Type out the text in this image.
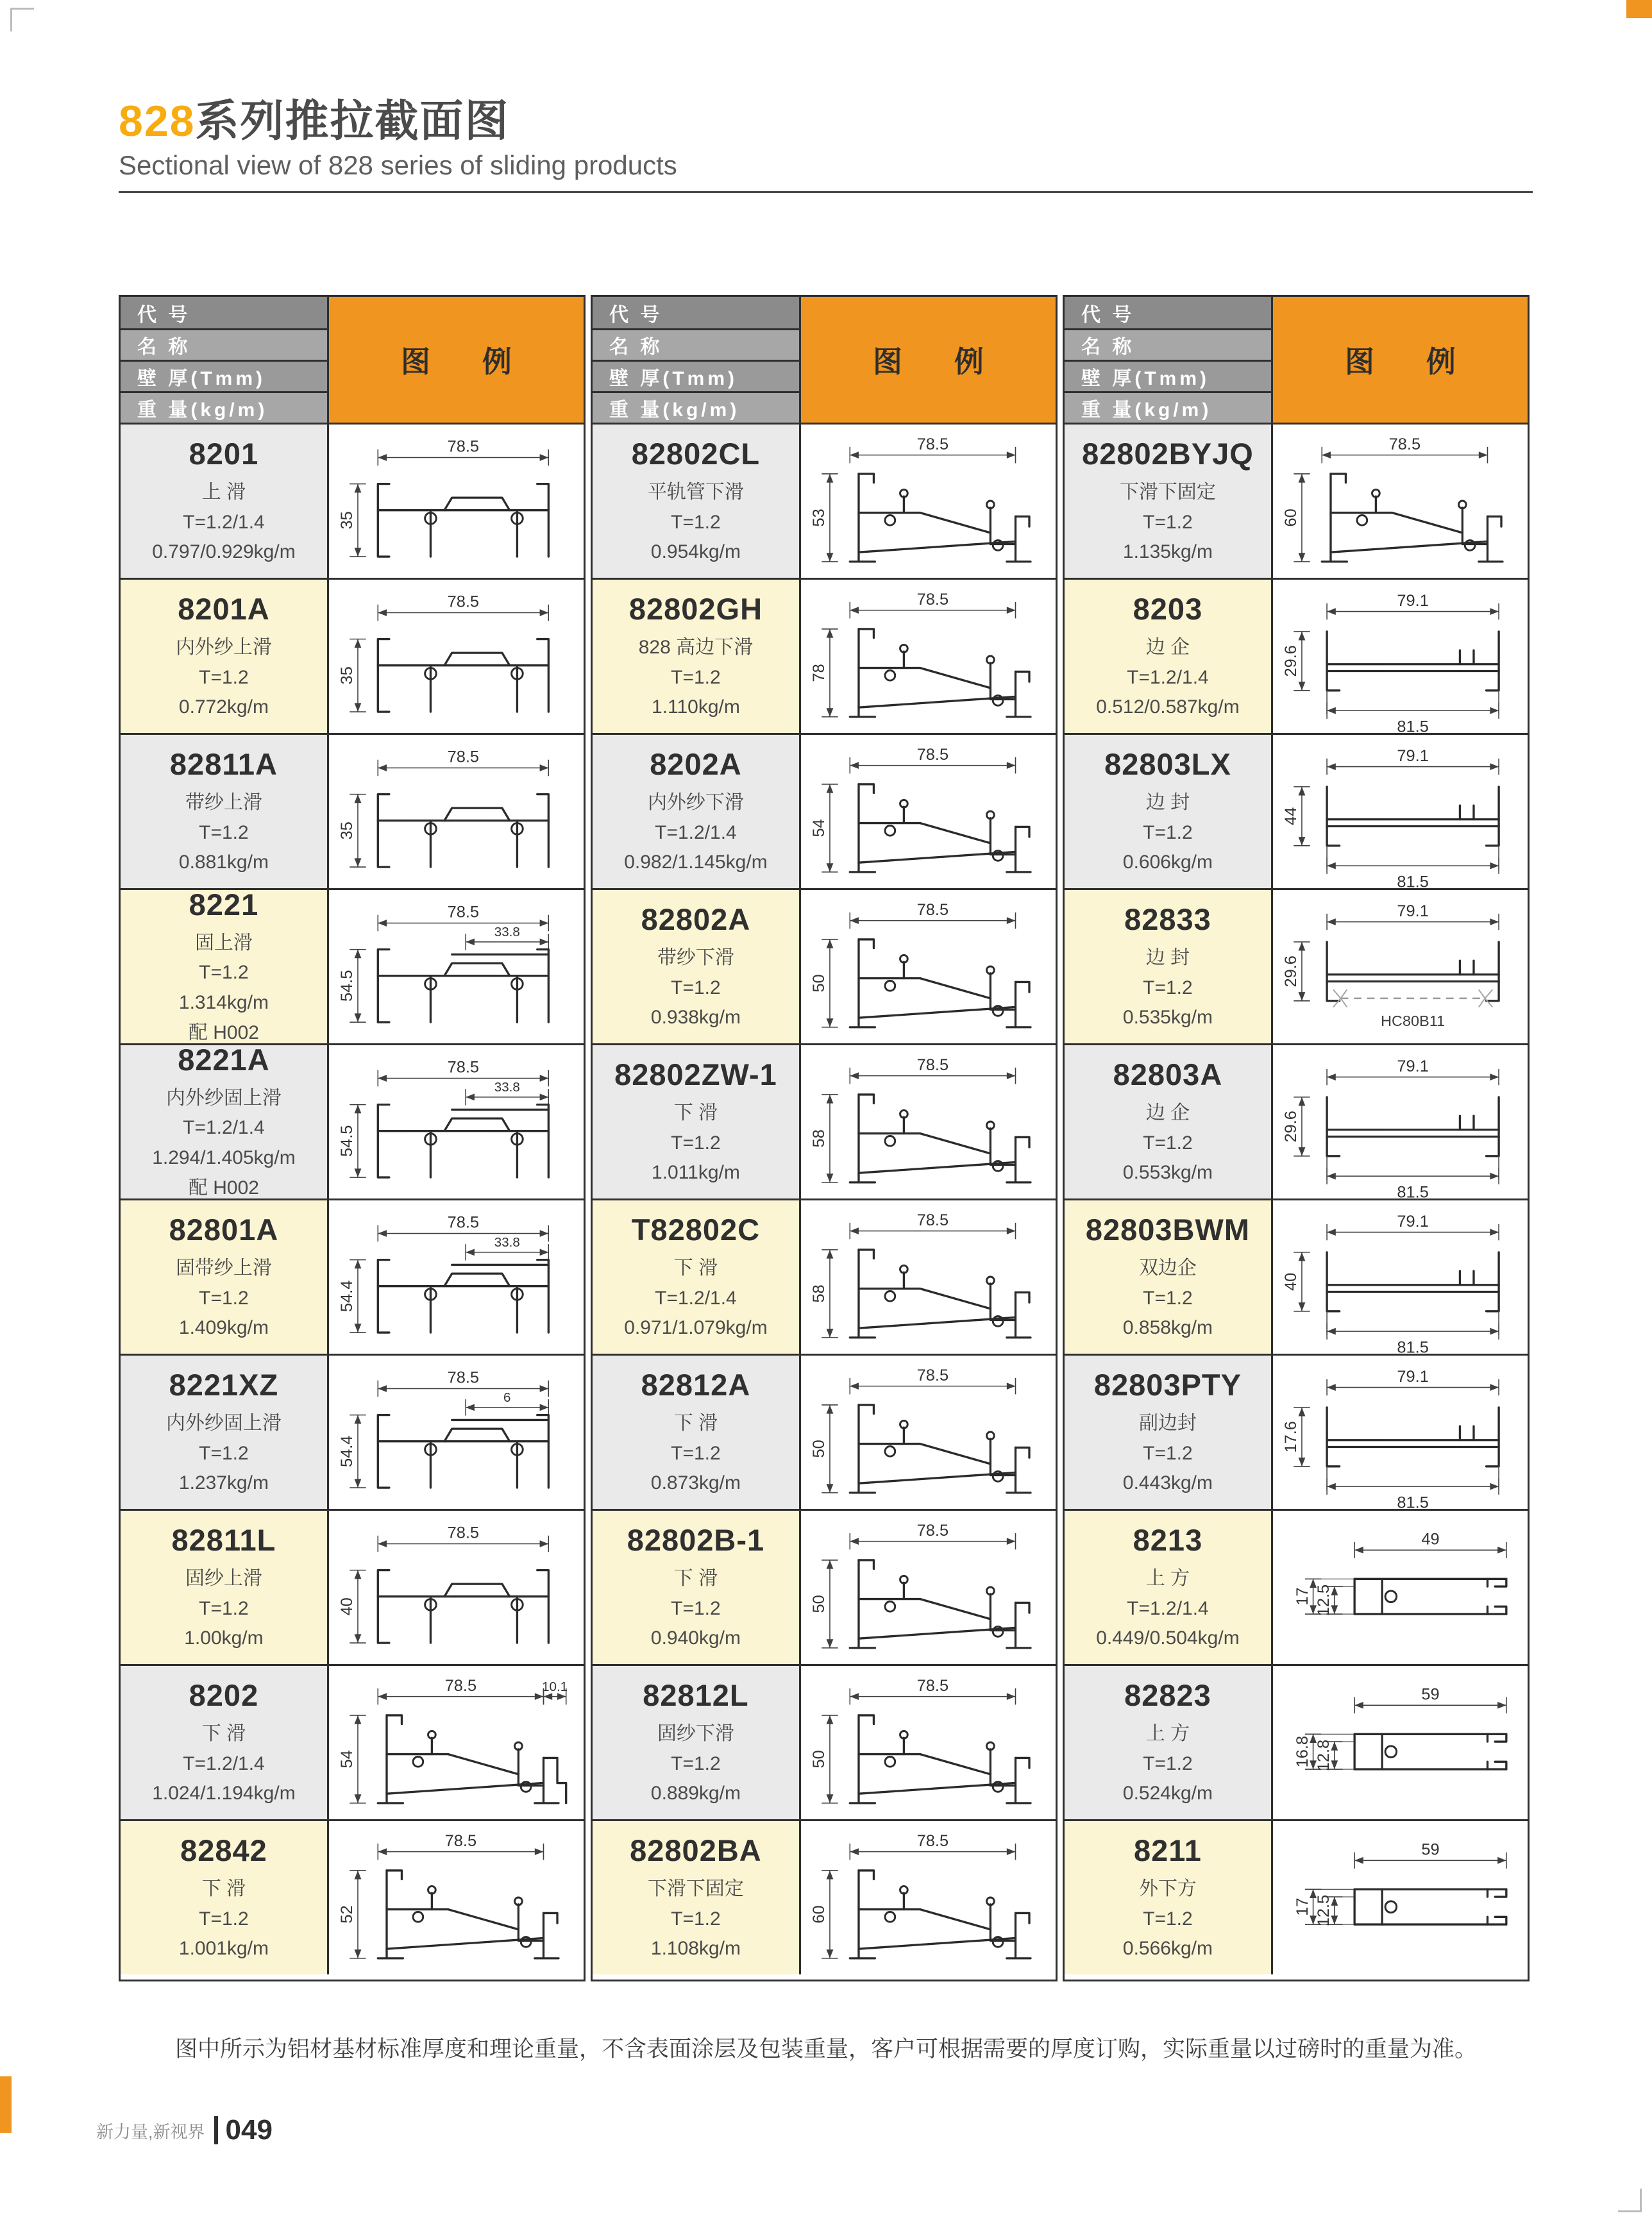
828系列推拉截面图
Sectional view of 828 series of sliding products
代 号
名 称
壁 厚(Tmm)
重 量(kg/m)
图 例
8201
上 滑
T=1.2/1.4
0.797/0.929kg/m
78.5
35
8201A
内外纱上滑
T=1.2
0.772kg/m
78.5
35
82811A
带纱上滑
T=1.2
0.881kg/m
78.5
35
8221
固上滑
T=1.2
1.314kg/m
配 H002
78.5
33.8
54.5
8221A
内外纱固上滑
T=1.2/1.4
1.294/1.405kg/m
配 H002
78.5
33.8
54.5
82801A
固带纱上滑
T=1.2
1.409kg/m
78.5
33.8
54.4
8221XZ
内外纱固上滑
T=1.2
1.237kg/m
78.5
6
54.4
82811L
固纱上滑
T=1.2
1.00kg/m
78.5
40
8202
下 滑
T=1.2/1.4
1.024/1.194kg/m
78.5	10.1
54
82842
下 滑
T=1.2
1.001kg/m
78.5
52
代 号
名 称
壁 厚(Tmm)
重 量(kg/m)
图 例
82802CL
平轨管下滑
T=1.2
0.954kg/m
78.5
53
82802GH
828 高边下滑
T=1.2
1.110kg/m
78.5
78
8202A
内外纱下滑
T=1.2/1.4
0.982/1.145kg/m
78.5
54
82802A
带纱下滑
T=1.2
0.938kg/m
78.5
50
82802ZW-1
下 滑
T=1.2
1.011kg/m
78.5
58
T82802C
下 滑
T=1.2/1.4
0.971/1.079kg/m
78.5
58
82812A
下 滑
T=1.2
0.873kg/m
78.5
50
82802B-1
下 滑
T=1.2
0.940kg/m
78.5
50
82812L
固纱下滑
T=1.2
0.889kg/m
78.5
50
82802BA
下滑下固定
T=1.2
1.108kg/m
78.5
60
代 号
名 称
壁 厚(Tmm)
重 量(kg/m)
图 例
82802BYJQ
下滑下固定
T=1.2
1.135kg/m
78.5
60
8203
边 企
T=1.2/1.4
0.512/0.587kg/m
79.1
29.6
81.5
82803LX
边 封
T=1.2
0.606kg/m
79.1
44
81.5
82833
边 封
T=1.2
0.535kg/m
79.1
29.6
HC80B11
82803A
边 企
T=1.2
0.553kg/m
79.1
29.6
81.5
82803BWM
双边企
T=1.2
0.858kg/m
79.1
40
81.5
82803PTY
副边封
T=1.2
0.443kg/m
79.1
17.6
81.5
8213
上 方
T=1.2/1.4
0.449/0.504kg/m
49
17 12.5
82823
上 方
T=1.2
0.524kg/m
59
16.8 12.8
8211
外下方
T=1.2
0.566kg/m
59
17 12.5

图中所示为铝材基材标准厚度和理论重量，不含表面涂层及包装重量，客户可根据需要的厚度订购，实际重量以过磅时的重量为准。

新力量,新视界 049
